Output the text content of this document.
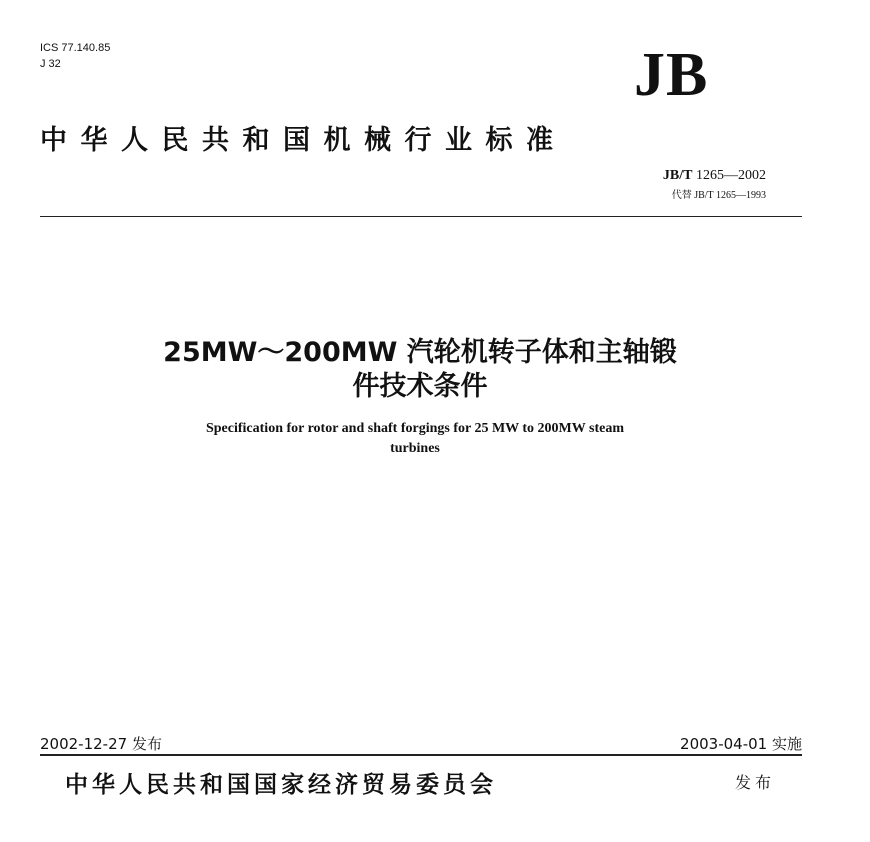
ICS 77.140.85
J 32	JB
中华人民共和国机械行业标准
JB/T 1265—2002
代替 JB/T 1265—1993
25MW～200MW 汽轮机转子体和主轴锻
件技术条件
Specification for rotor and shaft forgings for 25 MW to 200MW steam
turbines
2002-12-27 发布	2003-04-01 实施
中华人民共和国国家经济贸易委员会	发布
